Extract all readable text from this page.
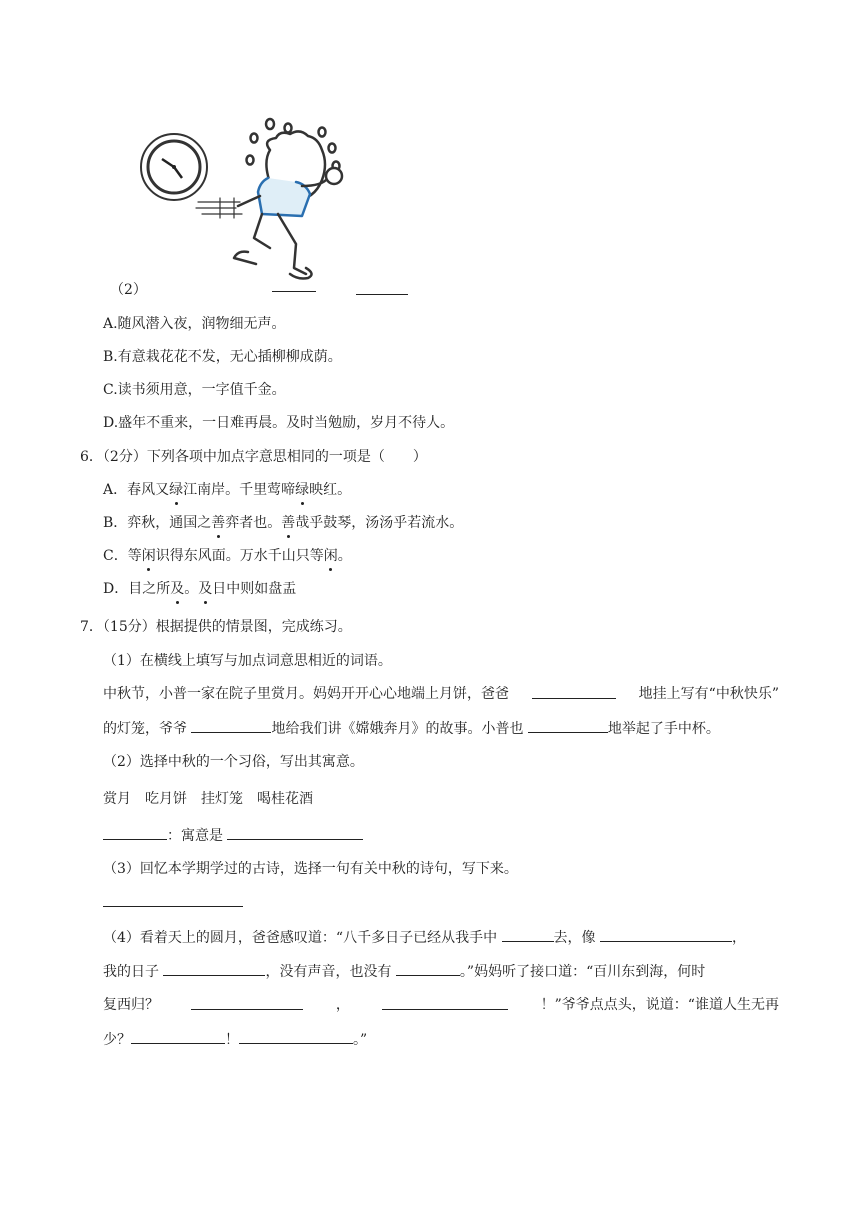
（2）
A.随风潜入夜，润物细无声。
B.有意栽花花不发，无心插柳柳成荫。
C.读书须用意，一字值千金。
D.盛年不重来，一日难再晨。及时当勉励，岁月不待人。
6．（2分）下列各项中加点字意思相同的一项是（　　）
A．春风又绿江南岸。千里莺啼绿映红。
B．弈秋，通国之善弈者也。善哉乎鼓琴，汤汤乎若流水。
C．等闲识得东风面。万水千山只等闲。
D．目之所及。及日中则如盘盂
7．（15分）根据提供的情景图，完成练习。
（1）在横线上填写与加点词意思相近的词语。
中秋节，小普一家在院子里赏月。妈妈开开心心地端上月饼，爸爸	地挂上写有“中秋快乐”
的灯笼，爷爷	地给我们讲《嫦娥奔月》的故事。小普也	地举起了手中杯。
（2）选择中秋的一个习俗，写出其寓意。
赏月　 吃月饼　 挂灯笼　 喝桂花酒
：寓意是
（3）回忆本学期学过的古诗，选择一句有关中秋的诗句，写下来。
（4）看着天上的圆月，爸爸感叹道：“八千多日子已经从我手中	去，像	，
我的日子	，没有声音，也没有	。”妈妈听了接口道：“百川东到海，何时
复西归？	，	！”爷爷点点头，说道：“谁道人生无再
少？	！	。”
